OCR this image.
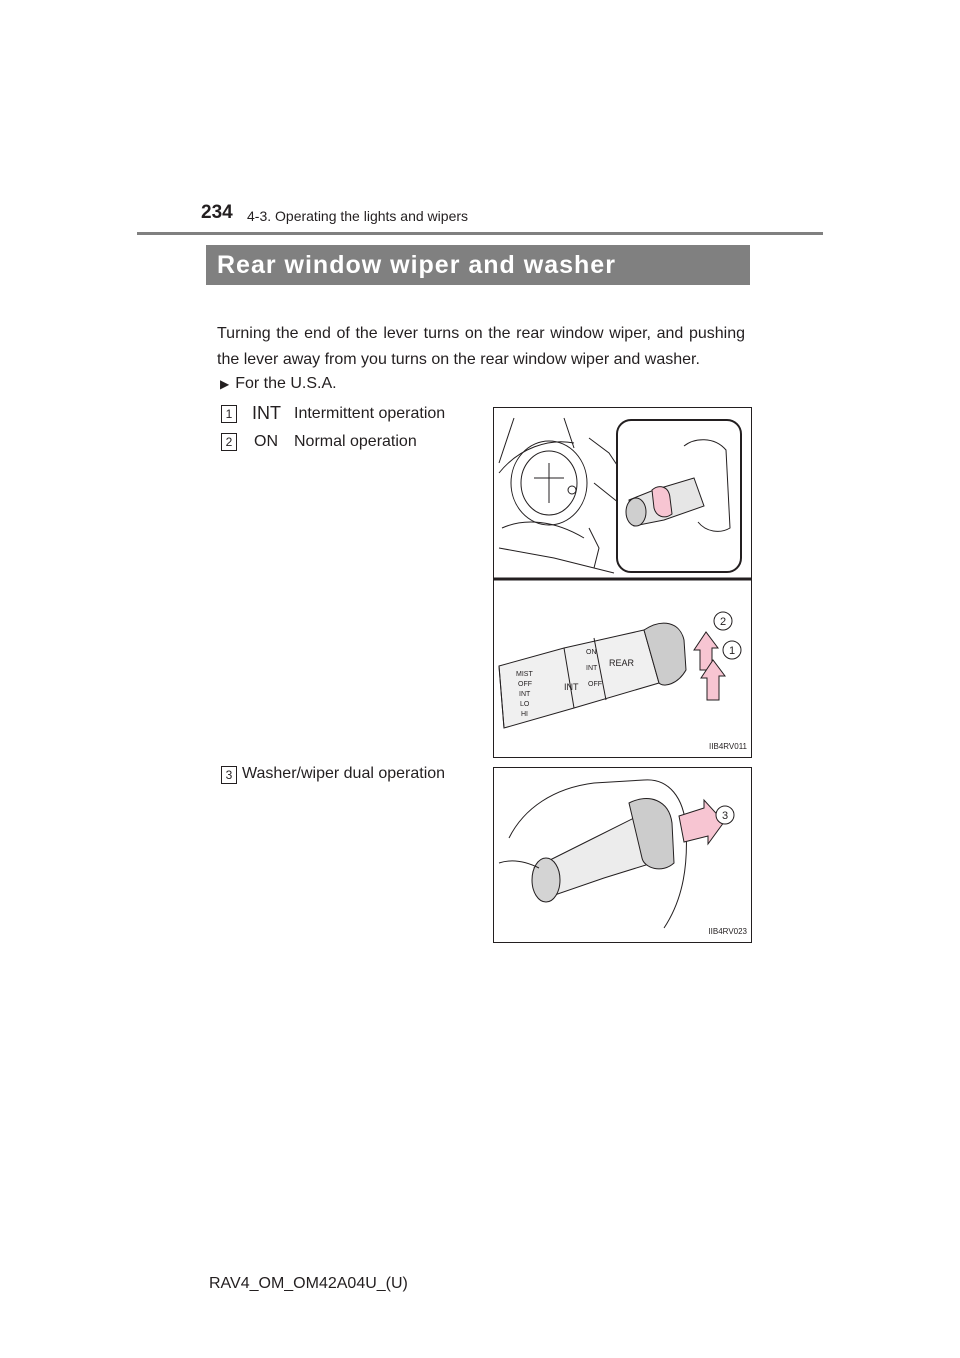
234 4-3. Operating the lights and wipers
Rear window wiper and washer

Turning the end of the lever turns on the rear window wiper, and pushing the lever away from you turns on the rear window wiper and washer.

▶ For the U.S.A.
1 INT Intermittent operation
2 ON Normal operation
3 Washer/wiper dual operation
MIST
OFF
INT
LO
HI
INT
ON
INT
OFF
REAR
2
1
IIB4RV011
3
IIB4RV023
RAV4_OM_OM42A04U_(U)
